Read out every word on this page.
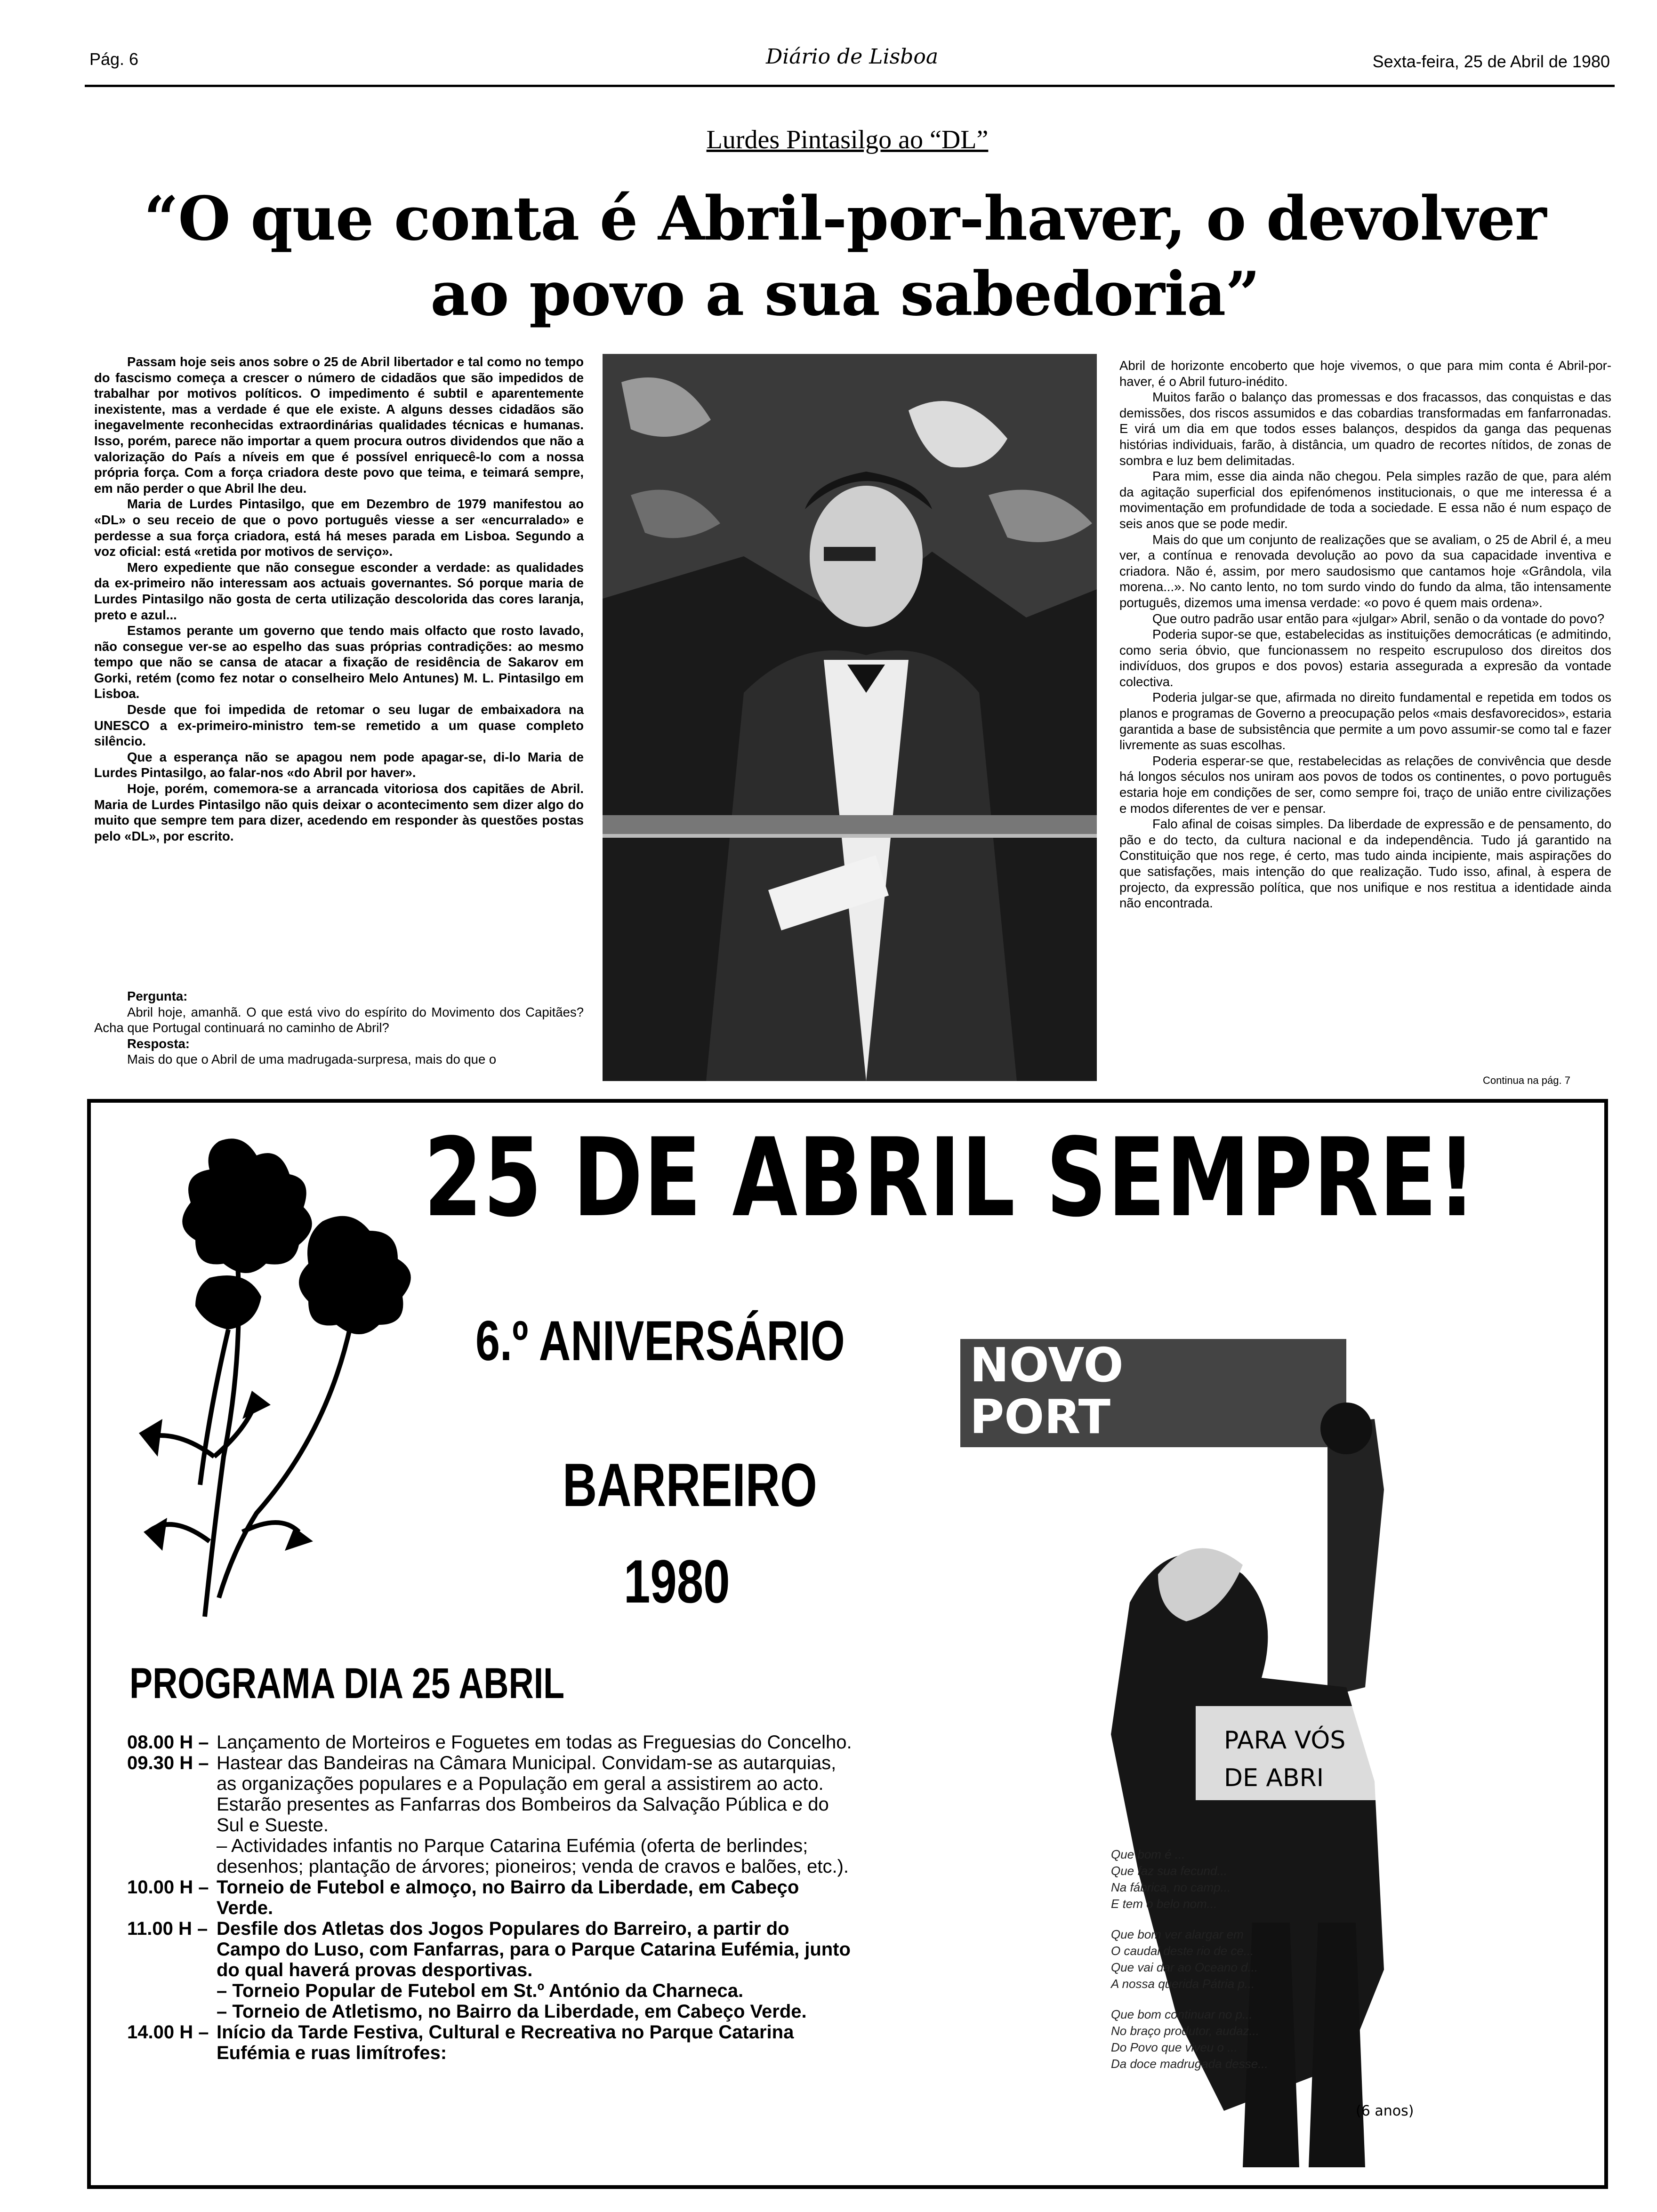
Pág. 6	Diário de Lisboa	Sexta-feira, 25 de Abril de 1980
Lurdes Pintasilgo ao “DL”
“O que conta é Abril-por-haver, o devolver
ao povo a sua sabedoria”

Passam hoje seis anos sobre o 25 de Abril libertador e tal como no tempo do fascismo começa a crescer o número de cidadãos que são impedidos de trabalhar por motivos políticos. O impedimento é subtil e aparentemente inexistente, mas a verdade é que ele existe. A alguns desses cidadãos são inegavelmente reconhecidas extraordinárias qualidades técnicas e humanas. Isso, porém, parece não importar a quem procura outros dividendos que não a valorização do País a níveis em que é possível enriquecê-lo com a nossa própria força. Com a força criadora deste povo que teima, e teimará sempre, em não perder o que Abril lhe deu.

Maria de Lurdes Pintasilgo, que em Dezembro de 1979 manifestou ao «DL» o seu receio de que o povo português viesse a ser «encurralado» e perdesse a sua força criadora, está há meses parada em Lisboa. Segundo a voz oficial: está «retida por motivos de serviço».

Mero expediente que não consegue esconder a verdade: as qualidades da ex-primeiro não interessam aos actuais governantes. Só porque maria de Lurdes Pintasilgo não gosta de certa utilização descolorida das cores laranja, preto e azul...

Estamos perante um governo que tendo mais olfacto que rosto lavado, não consegue ver-se ao espelho das suas próprias contradições: ao mesmo tempo que não se cansa de atacar a fixação de residência de Sakarov em Gorki, retém (como fez notar o conselheiro Melo Antunes) M. L. Pintasilgo em Lisboa.

Desde que foi impedida de retomar o seu lugar de embaixadora na UNESCO a ex-primeiro-ministro tem-se remetido a um quase completo silêncio.

Que a esperança não se apagou nem pode apagar-se, di-lo Maria de Lurdes Pintasilgo, ao falar-nos «do Abril por haver».

Hoje, porém, comemora-se a arrancada vitoriosa dos capitães de Abril. Maria de Lurdes Pintasilgo não quis deixar o acontecimento sem dizer algo do muito que sempre tem para dizer, acedendo em responder às questões postas pelo «DL», por escrito.

Pergunta:

Abril hoje, amanhã. O que está vivo do espírito do Movimento dos Capitães? Acha que Portugal continuará no caminho de Abril?

Resposta:

Mais do que o Abril de uma madrugada-surpresa, mais do que o

Abril de horizonte encoberto que hoje vivemos, o que para mim conta é Abril-por-haver, é o Abril futuro-inédito.

Muitos farão o balanço das promessas e dos fracassos, das conquistas e das demissões, dos riscos assumidos e das cobardias transformadas em fanfarronadas. E virá um dia em que todos esses balanços, despidos da ganga das pequenas histórias individuais, farão, à distância, um quadro de recortes nítidos, de zonas de sombra e luz bem delimitadas.

Para mim, esse dia ainda não chegou. Pela simples razão de que, para além da agitação superficial dos epifenómenos institucionais, o que me interessa é a movimentação em profundidade de toda a sociedade. E essa não é num espaço de seis anos que se pode medir.

Mais do que um conjunto de realizações que se avaliam, o 25 de Abril é, a meu ver, a contínua e renovada devolução ao povo da sua capacidade inventiva e criadora. Não é, assim, por mero saudosismo que cantamos hoje «Grândola, vila morena...». No canto lento, no tom surdo vindo do fundo da alma, tão intensamente português, dizemos uma imensa verdade: «o povo é quem mais ordena».

Que outro padrão usar então para «julgar» Abril, senão o da vontade do povo?

Poderia supor-se que, estabelecidas as instituições democráticas (e admitindo, como seria óbvio, que funcionassem no respeito escrupuloso dos direitos dos indivíduos, dos grupos e dos povos) estaria assegurada a expresão da vontade colectiva.

Poderia julgar-se que, afirmada no direito fundamental e repetida em todos os planos e programas de Governo a preocupação pelos «mais desfavorecidos», estaria garantida a base de subsistência que permite a um povo assumir-se como tal e fazer livremente as suas escolhas.

Poderia esperar-se que, restabelecidas as relações de convivência que desde há longos séculos nos uniram aos povos de todos os continentes, o povo português estaria hoje em condições de ser, como sempre foi, traço de união entre civilizações e modos diferentes de ver e pensar.

Falo afinal de coisas simples. Da liberdade de expressão e de pensamento, do pão e do tecto, da cultura nacional e da independência. Tudo já garantido na Constituição que nos rege, é certo, mas tudo ainda incipiente, mais aspirações do que satisfações, mais intenção do que realização. Tudo isso, afinal, à espera de projecto, da expressão política, que nos unifique e nos restitua a identidade ainda não encontrada.

Continua na pág. 7
25 DE ABRIL SEMPRE!
6.º ANIVERSÁRIO
BARREIRO
1980
PROGRAMA DIA 25 ABRIL
08.00 H – Lançamento de Morteiros e Foguetes em todas as Freguesias do Concelho.
09.30 H – Hastear das Bandeiras na Câmara Municipal. Convidam-se as autarquias, as organizações populares e a População em geral a assistirem ao acto. Estarão presentes as Fanfarras dos Bombeiros da Salvação Pública e do Sul e Sueste.
– Actividades infantis no Parque Catarina Eufémia (oferta de berlindes; desenhos; plantação de árvores; pioneiros; venda de cravos e balões, etc.).
10.00 H – Torneio de Futebol e almoço, no Bairro da Liberdade, em Cabeço Verde.
11.00 H – Desfile dos Atletas dos Jogos Populares do Barreiro, a partir do Campo do Luso, com Fanfarras, para o Parque Catarina Eufémia, junto do qual haverá provas desportivas.
– Torneio Popular de Futebol em St.º António da Charneca.
– Torneio de Atletismo, no Bairro da Liberdade, em Cabeço Verde.
14.00 H – Início da Tarde Festiva, Cultural e Recreativa no Parque Catarina Eufémia e ruas limítrofes:
NOVO
PORT
PARA VÓS
DE ABRI
(6 anos)
Que bom é ...
Que faz sua fecund...
Na fábrica, no camp...
E tem o belo nom...
Que bom ver alargar em
O caudal deste rio de ce...
Que vai dar ao Oceano d...
A nossa querida Pátria p...
Que bom continuar no p...
No braço produtor, audaz...
Do Povo que viveu o ...
Da doce madrugada desse...
